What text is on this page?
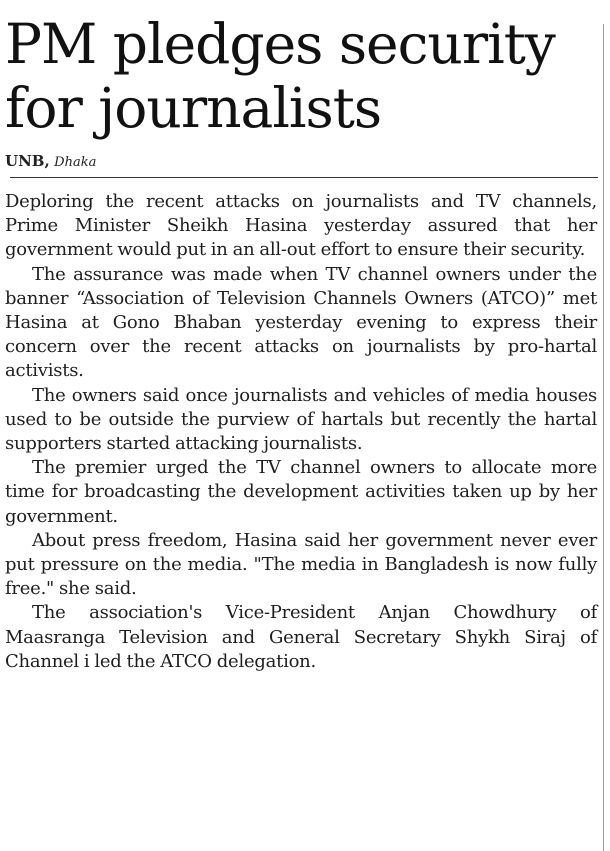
PM pledges security
for journalists
UNB, Dhaka

Deploring the recent attacks on journalists and TV channels, Prime Minister Sheikh Hasina yesterday assured that her government would put in an all-out effort to ensure their security.

The assurance was made when TV channel owners under the banner “Association of Television Channels Owners (ATCO)” met Hasina at Gono Bhaban yesterday evening to express their concern over the recent attacks on journalists by pro-hartal activists.

The owners said once journalists and vehicles of media houses used to be outside the purview of hartals but recently the hartal supporters started attacking journalists.

The premier urged the TV channel owners to allocate more time for broadcasting the development activities taken up by her government.

About press freedom, Hasina said her government never ever put pressure on the media. "The media in Bangladesh is now fully free." she said.

The association's Vice-President Anjan Chowdhury of Maasranga Television and General Secretary Shykh Siraj of Channel i led the ATCO delegation.
